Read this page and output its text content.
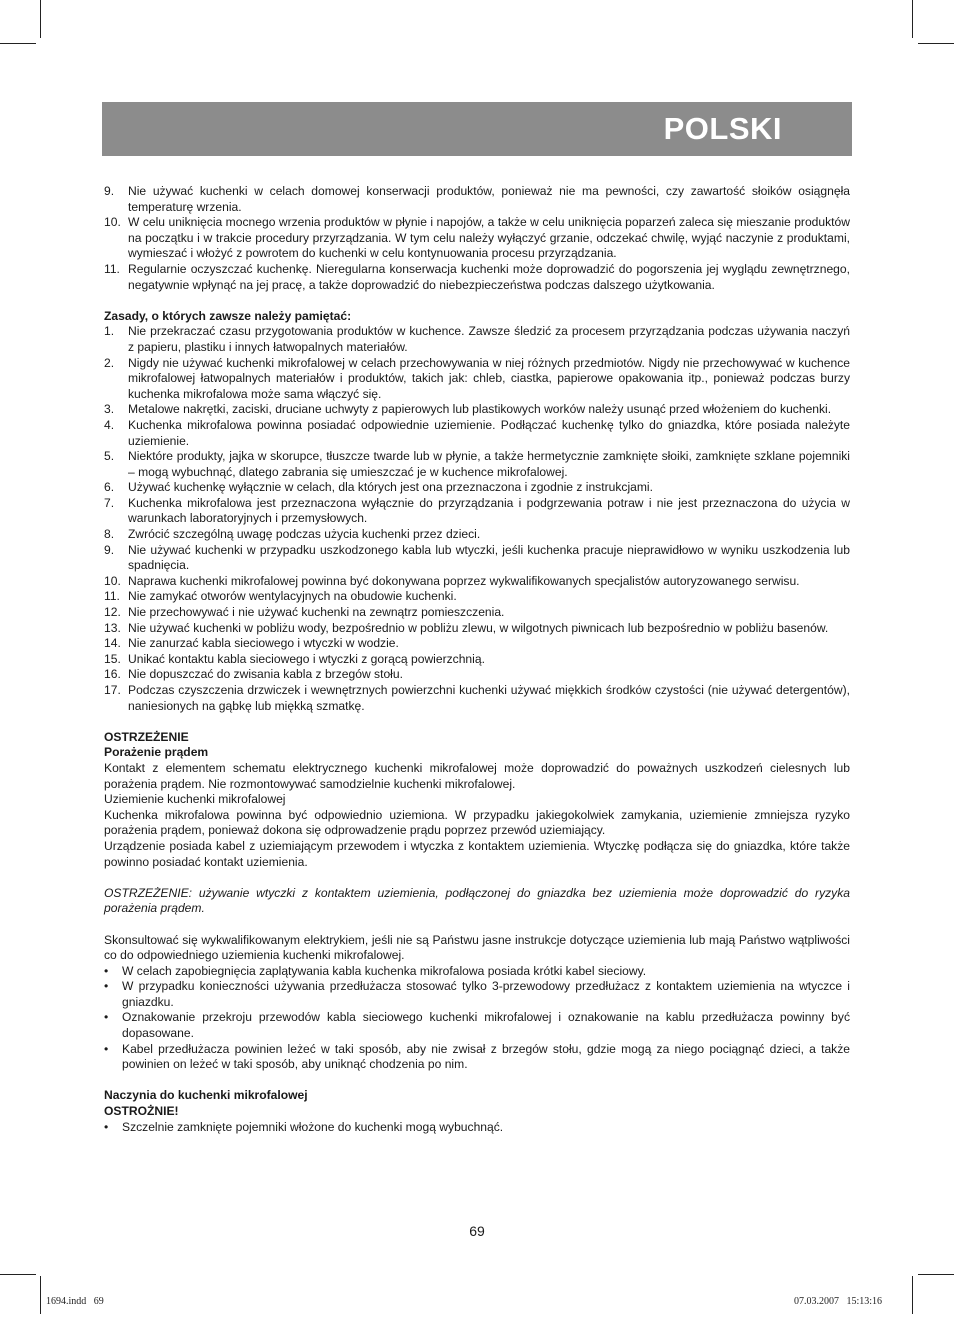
POLSKI
9. Nie używać kuchenki w celach domowej konserwacji produktów, ponieważ nie ma pewności, czy zawartość słoików osiągnęła temperaturę wrzenia.
10. W celu uniknięcia mocnego wrzenia produktów w płynie i napojów, a także w celu uniknięcia poparzeń zaleca się mieszanie produktów na początku i w trakcie procedury przyrządzania. W tym celu należy wyłączyć grzanie, odczekać chwilę, wyjąć naczynie z produktami, wymieszać i włożyć z powrotem do kuchenki w celu kontynuowania procesu przyrządzania.
11. Regularnie oczyszczać kuchenkę. Nieregularna konserwacja kuchenki może doprowadzić do pogorszenia jej wyglądu zewnętrznego, negatywnie wpłynąć na jej pracę, a także doprowadzić do niebezpieczeństwa podczas dalszego użytkowania.

Zasady, o których zawsze należy pamiętać:

1. Nie przekraczać czasu przygotowania produktów w kuchence. Zawsze śledzić za procesem przyrządzania podczas używania naczyń z papieru, plastiku i innych łatwopalnych materiałów.
2. Nigdy nie używać kuchenki mikrofalowej w celach przechowywania w niej różnych przedmiotów. Nigdy nie przechowywać w kuchence mikrofalowej łatwopalnych materiałów i produktów, takich jak: chleb, ciastka, papierowe opakowania itp., ponieważ podczas burzy kuchenka mikrofalowa może sama włączyć się.
3. Metalowe nakrętki, zaciski, druciane uchwyty z papierowych lub plastikowych worków należy usunąć przed włożeniem do kuchenki.
4. Kuchenka mikrofalowa powinna posiadać odpowiednie uziemienie. Podłączać kuchenkę tylko do gniazdka, które posiada należyte uziemienie.
5. Niektóre produkty, jajka w skorupce, tłuszcze twarde lub w płynie, a także hermetycznie zamknięte słoiki, zamknięte szklane pojemniki – mogą wybuchnąć, dlatego zabrania się umieszczać je w kuchence mikrofalowej.
6. Używać kuchenkę wyłącznie w celach, dla których jest ona przeznaczona i zgodnie z instrukcjami.
7. Kuchenka mikrofalowa jest przeznaczona wyłącznie do przyrządzania i podgrzewania potraw i nie jest przeznaczona do użycia w warunkach laboratoryjnych i przemysłowych.
8. Zwrócić szczególną uwagę podczas użycia kuchenki przez dzieci.
9. Nie używać kuchenki w przypadku uszkodzonego kabla lub wtyczki, jeśli kuchenka pracuje nieprawidłowo w wyniku uszkodzenia lub spadnięcia.
10. Naprawa kuchenki mikrofalowej powinna być dokonywana poprzez wykwalifikowanych specjalistów autoryzowanego serwisu.
11. Nie zamykać otworów wentylacyjnych na obudowie kuchenki.
12. Nie przechowywać i nie używać kuchenki na zewnątrz pomieszczenia.
13. Nie używać kuchenki w pobliżu wody, bezpośrednio w pobliżu zlewu, w wilgotnych piwnicach lub bezpośrednio w pobliżu basenów.
14. Nie zanurzać kabla sieciowego i wtyczki w wodzie.
15. Unikać kontaktu kabla sieciowego i wtyczki z gorącą powierzchnią.
16. Nie dopuszczać do zwisania kabla z brzegów stołu.
17. Podczas czyszczenia drzwiczek i wewnętrznych powierzchni kuchenki używać miękkich środków czystości (nie używać detergentów), naniesionych na gąbkę lub miękką szmatkę.

OSTRZEŻENIE

Porażenie prądem

Kontakt z elementem schematu elektrycznego kuchenki mikrofalowej może doprowadzić do poważnych uszkodzeń cielesnych lub porażenia prądem. Nie rozmontowywać samodzielnie kuchenki mikrofalowej.

Uziemienie kuchenki mikrofalowej

Kuchenka mikrofalowa powinna być odpowiednio uziemiona. W przypadku jakiegokolwiek zamykania, uziemienie zmniejsza ryzyko porażenia prądem, ponieważ dokona się odprowadzenie prądu poprzez przewód uziemiający.

Urządzenie posiada kabel z uziemiającym przewodem i wtyczka z kontaktem uziemienia. Wtyczkę podłącza się do gniazdka, które także powinno posiadać kontakt uziemienia.

OSTRZEŻENIE: używanie wtyczki z kontaktem uziemienia, podłączonej do gniazdka bez uziemienia może doprowadzić do ryzyka porażenia prądem.

Skonsultować się wykwalifikowanym elektrykiem, jeśli nie są Państwu jasne instrukcje dotyczące uziemienia lub mają Państwo wątpliwości co do odpowiedniego uziemienia kuchenki mikrofalowej.

• W celach zapobiegnięcia zaplątywania kabla kuchenka mikrofalowa posiada krótki kabel sieciowy.
• W przypadku konieczności używania przedłużacza stosować tylko 3-przewodowy przedłużacz z kontaktem uziemienia na wtyczce i gniazdku.
• Oznakowanie przekroju przewodów kabla sieciowego kuchenki mikrofalowej i oznakowanie na kablu przedłużacza powinny być dopasowane.
• Kabel przedłużacza powinien leżeć w taki sposób, aby nie zwisał z brzegów stołu, gdzie mogą za niego pociągnąć dzieci, a także powinien on leżeć w taki sposób, aby uniknąć chodzenia po nim.

Naczynia do kuchenki mikrofalowej

OSTROŻNIE!

• Szczelnie zamknięte pojemniki włożone do kuchenki mogą wybuchnąć.
69
1694.indd   69	07.03.2007   15:13:16
